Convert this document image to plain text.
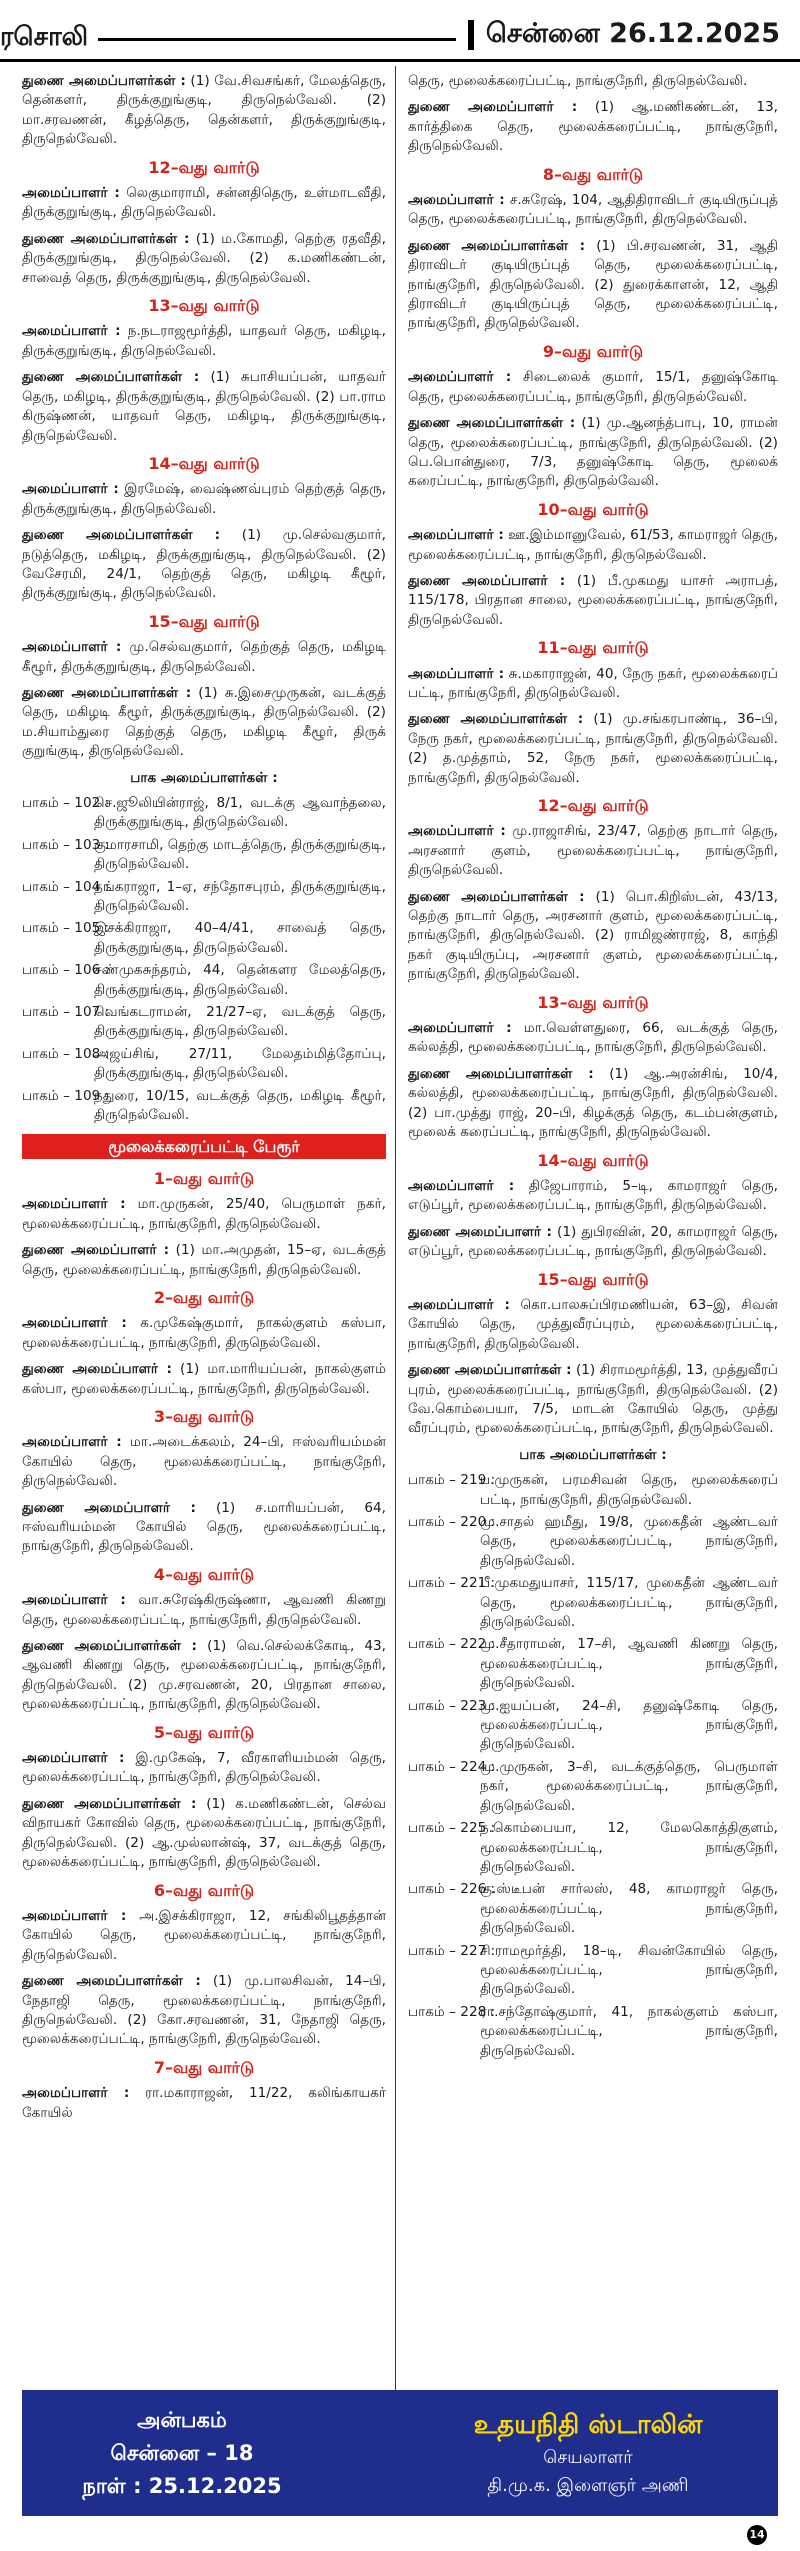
ரசொலி	சென்னை 26.12.2025

துணை அமைப்பாளர்கள் : (1) வே.சிவசங்கர், மேலத்தெரு, தென்களர், திருக்குறுங்குடி, திருநெல்வேலி. (2) மா.சரவணன், கீழத்தெரு, தென்களர், திருக்குறுங்குடி, திருநெல்வேலி.

12–வது வார்டு

அமைப்பாளர் : லெகுமாராமி, சன்னதிதெரு, உள்மாடவீதி, திருக்குறுங்குடி, திருநெல்வேலி.

துணை அமைப்பாளர்கள் : (1) ம.கோமதி, தெற்கு ரதவீதி, திருக்குறுங்குடி, திருநெல்வேலி. (2) க.மணிகண்டன், சாவைத் தெரு, திருக்குறுங்குடி, திருநெல்வேலி.

13–வது வார்டு

அமைப்பாளர் : ந.நடராஜமூர்த்தி, யாதவர் தெரு, மகிழடி, திருக்குறுங்குடி, திருநெல்வேலி.

துணை அமைப்பாளர்கள் : (1) சுபாசியப்பன், யாதவர் தெரு, மகிழடி, திருக்குறுங்குடி, திருநெல்வேலி. (2) பா.ராம கிருஷ்ணன், யாதவர் தெரு, மகிழடி, திருக்குறுங்குடி, திருநெல்வேலி.

14–வது வார்டு

அமைப்பாளர் : இரமேஷ், வைஷ்ணவ்புரம் தெற்குத் தெரு, திருக்குறுங்குடி, திருநெல்வேலி.

துணை அமைப்பாளர்கள் : (1) மு.செல்வகுமார், நடுத்தெரு, மகிழடி, திருக்குறுங்குடி, திருநெல்வேலி. (2) வேசேரமி, 24/1, தெற்குத் தெரு, மகிழடி கீழூர், திருக்குறுங்குடி, திருநெல்வேலி.

15–வது வார்டு

அமைப்பாளர் : மு.செல்வகுமார், தெற்குத் தெரு, மகிழடி கீழூர், திருக்குறுங்குடி, திருநெல்வேலி.

துணை அமைப்பாளர்கள் : (1) சு.இசைமுருகன், வடக்குத் தெரு, மகிழடி கீழூர், திருக்குறுங்குடி, திருநெல்வேலி. (2) ம.சியாம்துரை தெற்குத் தெரு, மகிழடி கீழூர், திருக் குறுங்குடி, திருநெல்வேலி.

பாக அமைப்பாளர்கள் :
பாகம் – 102 :
செ.ஜூலியின்ராஜ், 8/1, வடக்கு ஆவாந்தலை, திருக்குறுங்குடி, திருநெல்வேலி.
பாகம் – 103 :
குமாரசாமி, தெற்கு மாடத்தெரு, திருக்குறுங்குடி, திருநெல்வேலி.
பாகம் – 104 :
தங்கராஜா, 1–ஏ, சந்தோசபுரம், திருக்குறுங்குடி, திருநெல்வேலி.
பாகம் – 105 :
இசக்கிராஜா, 40–4/41, சாவைத் தெரு, திருக்குறுங்குடி, திருநெல்வேலி.
பாகம் – 106 :
சண்முகசுந்தரம், 44, தென்களர மேலத்தெரு, திருக்குறுங்குடி, திருநெல்வேலி.
பாகம் – 107 :
வெங்கடராமன், 21/27–ஏ, வடக்குத் தெரு, திருக்குறுங்குடி, திருநெல்வேலி.
பாகம் – 108 :
அஜய்சிங், 27/11, மேலதம்மித்தோப்பு, திருக்குறுங்குடி, திருநெல்வேலி.
பாகம் – 109 :
நதுரை, 10/15, வடக்குத் தெரு, மகிழடி கீழூர், திருநெல்வேலி.
மூலைக்கரைப்பட்டி பேரூர்
1–வது வார்டு

அமைப்பாளர் : மா.முருகன், 25/40, பெருமாள் நகர், மூலைக்கரைப்பட்டி, நாங்குநேரி, திருநெல்வேலி.

துணை அமைப்பாளர் : (1) மா.அமுதன், 15–ஏ, வடக்குத் தெரு, மூலைக்கரைப்பட்டி, நாங்குநேரி, திருநெல்வேலி.

2–வது வார்டு

அமைப்பாளர் : க.முகேஷ்குமார், நாகல்குளம் கஸ்பா, மூலைக்கரைப்பட்டி, நாங்குநேரி, திருநெல்வேலி.

துணை அமைப்பாளர் : (1) மா.மாரியப்பன், நாகல்குளம் கஸ்பா, மூலைக்கரைப்பட்டி, நாங்குநேரி, திருநெல்வேலி.

3–வது வார்டு

அமைப்பாளர் : மா.அடைக்கலம், 24–பி, ஈஸ்வரியம்மன் கோயில் தெரு, மூலைக்கரைப்பட்டி, நாங்குநேரி, திருநெல்வேலி.

துணை அமைப்பாளர் : (1) ச.மாரியப்பன், 64, ஈஸ்வரியம்மன் கோயில் தெரு, மூலைக்கரைப்பட்டி, நாங்குநேரி, திருநெல்வேலி.

4–வது வார்டு

அமைப்பாளர் : வா.சுரேஷ்கிருஷ்ணா, ஆவணி கிணறு தெரு, மூலைக்கரைப்பட்டி, நாங்குநேரி, திருநெல்வேலி.

துணை அமைப்பாளர்கள் : (1) வெ.செல்லக்கோடி, 43, ஆவணி கிணறு தெரு, மூலைக்கரைப்பட்டி, நாங்குநேரி, திருநெல்வேலி. (2) மு.சரவணன், 20, பிரதான சாலை, மூலைக்கரைப்பட்டி, நாங்குநேரி, திருநெல்வேலி.

5–வது வார்டு

அமைப்பாளர் : இ.முகேஷ், 7, வீரகாளியம்மன் தெரு, மூலைக்கரைப்பட்டி, நாங்குநேரி, திருநெல்வேலி.

துணை அமைப்பாளர்கள் : (1) க.மணிகண்டன், செல்வ விநாயகர் கோவில் தெரு, மூலைக்கரைப்பட்டி, நாங்குநேரி, திருநெல்வேலி. (2) ஆ.முல்லான்ஷ், 37, வடக்குத் தெரு, மூலைக்கரைப்பட்டி, நாங்குநேரி, திருநெல்வேலி.

6–வது வார்டு

அமைப்பாளர் : அ.இசக்கிராஜா, 12, சங்கிலிபூதத்தான் கோயில் தெரு, மூலைக்கரைப்பட்டி, நாங்குநேரி, திருநெல்வேலி.

துணை அமைப்பாளர்கள் : (1) மு.பாலசிவன், 14–பி, நேதாஜி தெரு, மூலைக்கரைப்பட்டி, நாங்குநேரி, திருநெல்வேலி. (2) கோ.சரவணன், 31, நேதாஜி தெரு, மூலைக்கரைப்பட்டி, நாங்குநேரி, திருநெல்வேலி.

7–வது வார்டு

அமைப்பாளர் : ரா.மகாராஜன், 11/22, கலிங்காயகர் கோயில்

தெரு, மூலைக்கரைப்பட்டி, நாங்குநேரி, திருநெல்வேலி.

துணை அமைப்பாளர் : (1) ஆ.மணிகண்டன், 13, கார்த்திகை தெரு, மூலைக்கரைப்பட்டி, நாங்குநேரி, திருநெல்வேலி.

8–வது வார்டு

அமைப்பாளர் : ச.சுரேஷ், 104, ஆதிதிராவிடர் குடியிருப்புத் தெரு, மூலைக்கரைப்பட்டி, நாங்குநேரி, திருநெல்வேலி.

துணை அமைப்பாளர்கள் : (1) பி.சரவணன், 31, ஆதி திராவிடர் குடியிருப்புத் தெரு, மூலைக்கரைப்பட்டி, நாங்குநேரி, திருநெல்வேலி. (2) துரைக்காளன், 12, ஆதி திராவிடர் குடியிருப்புத் தெரு, மூலைக்கரைப்பட்டி, நாங்குநேரி, திருநெல்வேலி.

9–வது வார்டு

அமைப்பாளர் : சிடைலைக் குமார், 15/1, தனுஷ்கோடி தெரு, மூலைக்கரைப்பட்டி, நாங்குநேரி, திருநெல்வேலி.

துணை அமைப்பாளர்கள் : (1) மு.ஆனந்த்பாபு, 10, ராமன் தெரு, மூலைக்கரைப்பட்டி, நாங்குநேரி, திருநெல்வேலி. (2) பெ.பொன்துரை, 7/3, தனுஷ்கோடி தெரு, மூலைக் கரைப்பட்டி, நாங்குநேரி, திருநெல்வேலி.

10–வது வார்டு

அமைப்பாளர் : ஊ.இம்மானுவேல், 61/53, காமராஜர் தெரு, மூலைக்கரைப்பட்டி, நாங்குநேரி, திருநெல்வேலி.

துணை அமைப்பாளர் : (1) பீ.முகமது யாசர் அராபத், 115/178, பிரதான சாலை, மூலைக்கரைப்பட்டி, நாங்குநேரி, திருநெல்வேலி.

11–வது வார்டு

அமைப்பாளர் : சு.மகாராஜன், 40, நேரு நகர், மூலைக்கரைப் பட்டி, நாங்குநேரி, திருநெல்வேலி.

துணை அமைப்பாளர்கள் : (1) மு.சங்கரபாண்டி, 36–பி, நேரு நகர், மூலைக்கரைப்பட்டி, நாங்குநேரி, திருநெல்வேலி. (2) த.முத்தாம், 52, நேரு நகர், மூலைக்கரைப்பட்டி, நாங்குநேரி, திருநெல்வேலி.

12–வது வார்டு

அமைப்பாளர் : மு.ராஜாசிங், 23/47, தெற்கு நாடார் தெரு, அரசனார் குளம், மூலைக்கரைப்பட்டி, நாங்குநேரி, திருநெல்வேலி.

துணை அமைப்பாளர்கள் : (1) பொ.கிறிஸ்டன், 43/13, தெற்கு நாடார் தெரு, அரசனார் குளம், மூலைக்கரைப்பட்டி, நாங்குநேரி, திருநெல்வேலி. (2) ராமிஜண்ராஜ், 8, காந்தி நகர் குடியிருப்பு, அரசனார் குளம், மூலைக்கரைப்பட்டி, நாங்குநேரி, திருநெல்வேலி.

13–வது வார்டு

அமைப்பாளர் : மா.வெள்ளதுரை, 66, வடக்குத் தெரு, கல்லத்தி, மூலைக்கரைப்பட்டி, நாங்குநேரி, திருநெல்வேலி.

துணை அமைப்பாளர்கள் : (1) ஆ.அரன்சிங், 10/4, கல்லத்தி, மூலைக்கரைப்பட்டி, நாங்குநேரி, திருநெல்வேலி. (2) பா.முத்து ராஜ், 20–பி, கிழக்குத் தெரு, கடம்பன்குளம், மூலைக் கரைப்பட்டி, நாங்குநேரி, திருநெல்வேலி.

14–வது வார்டு

அமைப்பாளர் : திஜேபாராம், 5–டி, காமராஜர் தெரு, எடுப்பூர், மூலைக்கரைப்பட்டி, நாங்குநேரி, திருநெல்வேலி.

துணை அமைப்பாளர் : (1) துபிரவின், 20, காமராஜர் தெரு, எடுப்பூர், மூலைக்கரைப்பட்டி, நாங்குநேரி, திருநெல்வேலி.

15–வது வார்டு

அமைப்பாளர் : கொ.பாலசுப்பிரமணியன், 63–இ, சிவன் கோயில் தெரு, முத்துவீரப்புரம், மூலைக்கரைப்பட்டி, நாங்குநேரி, திருநெல்வேலி.

துணை அமைப்பாளர்கள் : (1) சிராமமூர்த்தி, 13, முத்துவீரப் புரம், மூலைக்கரைப்பட்டி, நாங்குநேரி, திருநெல்வேலி. (2) வே.கொம்பையா, 7/5, மாடன் கோயில் தெரு, முத்து வீரப்புரம், மூலைக்கரைப்பட்டி, நாங்குநேரி, திருநெல்வேலி.

பாக அமைப்பாளர்கள் :
பாகம் – 219 :
ப.முருகன், பரமசிவன் தெரு, மூலைக்கரைப் பட்டி, நாங்குநேரி, திருநெல்வேலி.
பாகம் – 220 :
மு.சாதல் ஹமீது, 19/8, முகைதீன் ஆண்டவர் தெரு, மூலைக்கரைப்பட்டி, நாங்குநேரி, திருநெல்வேலி.
பாகம் – 221 :
பீ.முகமதுயாசர், 115/17, முகைதீன் ஆண்டவர் தெரு, மூலைக்கரைப்பட்டி, நாங்குநேரி, திருநெல்வேலி.
பாகம் – 222 :
மு.சீதாராமன், 17–சி, ஆவணி கிணறு தெரு, மூலைக்கரைப்பட்டி, நாங்குநேரி, திருநெல்வேலி.
பாகம் – 223 :
மு.ஐயப்பன், 24–சி, தனுஷ்கோடி தெரு, மூலைக்கரைப்பட்டி, நாங்குநேரி, திருநெல்வேலி.
பாகம் – 224 :
மு.முருகன், 3–சி, வடக்குத்தெரு, பெருமாள் நகர், மூலைக்கரைப்பட்டி, நாங்குநேரி, திருநெல்வேலி.
பாகம் – 225 :
ந.கொம்பையா, 12, மேலகொத்திகுளம், மூலைக்கரைப்பட்டி, நாங்குநேரி, திருநெல்வேலி.
பாகம் – 226 :
கு.ஸ்டீபன் சார்லஸ், 48, காமராஜர் தெரு, மூலைக்கரைப்பட்டி, நாங்குநேரி, திருநெல்வேலி.
பாகம் – 227 :
சி.ராமமூர்த்தி, 18–டி, சிவன்கோயில் தெரு, மூலைக்கரைப்பட்டி, நாங்குநேரி, திருநெல்வேலி.
பாகம் – 228 :
ரா.சந்தோஷ்குமார், 41, நாகல்குளம் கஸ்பா, மூலைக்கரைப்பட்டி, நாங்குநேரி, திருநெல்வேலி.
அன்பகம்
சென்னை – 18
நாள் : 25.12.2025
உதயநிதி ஸ்டாலின்
செயலாளர்
தி.மு.க. இளைஞர் அணி
14
